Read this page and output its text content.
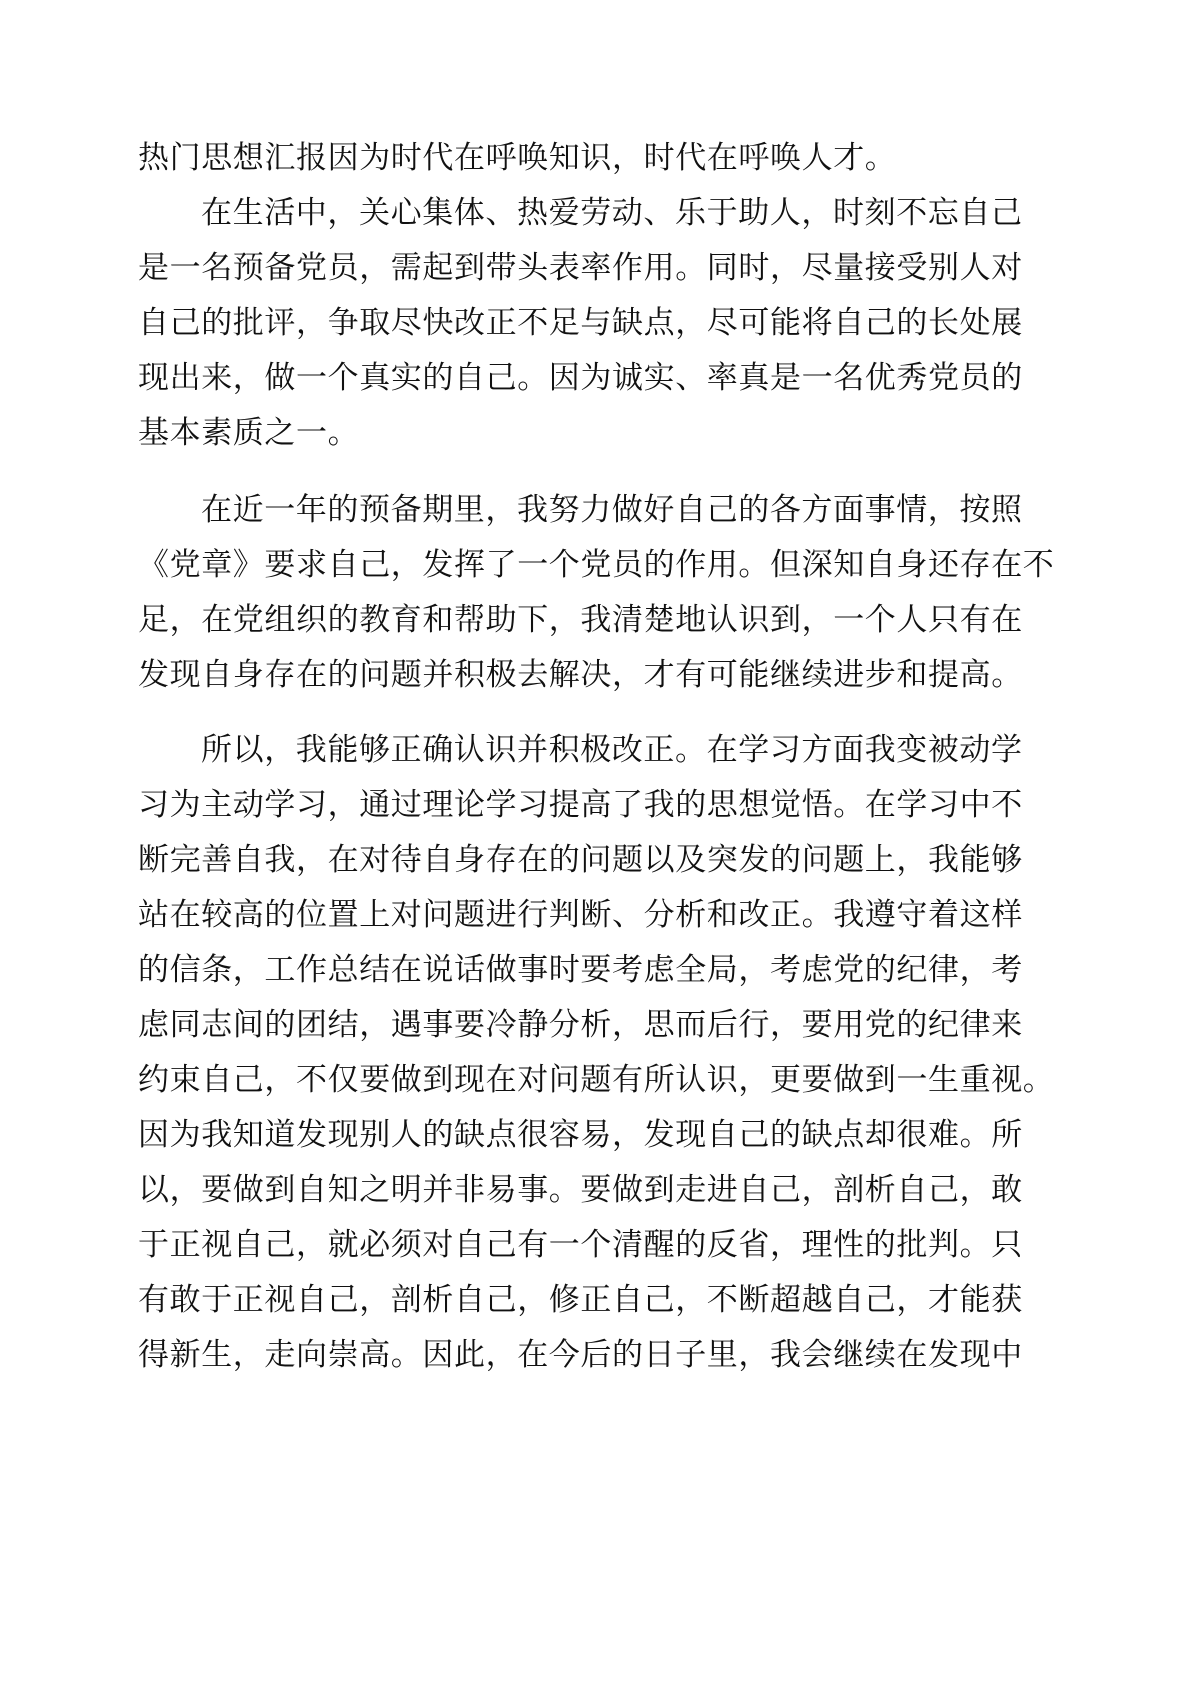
热门思想汇报因为时代在呼唤知识，时代在呼唤人才。

在生活中，关心集体、热爱劳动、乐于助人，时刻不忘自己

是一名预备党员，需起到带头表率作用。同时，尽量接受别人对

自己的批评，争取尽快改正不足与缺点，尽可能将自己的长处展

现出来，做一个真实的自己。因为诚实、率真是一名优秀党员的

基本素质之一。

在近一年的预备期里，我努力做好自己的各方面事情，按照

《党章》要求自己，发挥了一个党员的作用。但深知自身还存在不

足，在党组织的教育和帮助下，我清楚地认识到，一个人只有在

发现自身存在的问题并积极去解决，才有可能继续进步和提高。

所以，我能够正确认识并积极改正。在学习方面我变被动学

习为主动学习，通过理论学习提高了我的思想觉悟。在学习中不

断完善自我，在对待自身存在的问题以及突发的问题上，我能够

站在较高的位置上对问题进行判断、分析和改正。我遵守着这样

的信条，工作总结在说话做事时要考虑全局，考虑党的纪律，考

虑同志间的团结，遇事要冷静分析，思而后行，要用党的纪律来

约束自己，不仅要做到现在对问题有所认识，更要做到一生重视。

因为我知道发现别人的缺点很容易，发现自己的缺点却很难。所

以，要做到自知之明并非易事。要做到走进自己，剖析自己，敢

于正视自己，就必须对自己有一个清醒的反省，理性的批判。只

有敢于正视自己，剖析自己，修正自己，不断超越自己，才能获

得新生，走向崇高。因此，在今后的日子里，我会继续在发现中
